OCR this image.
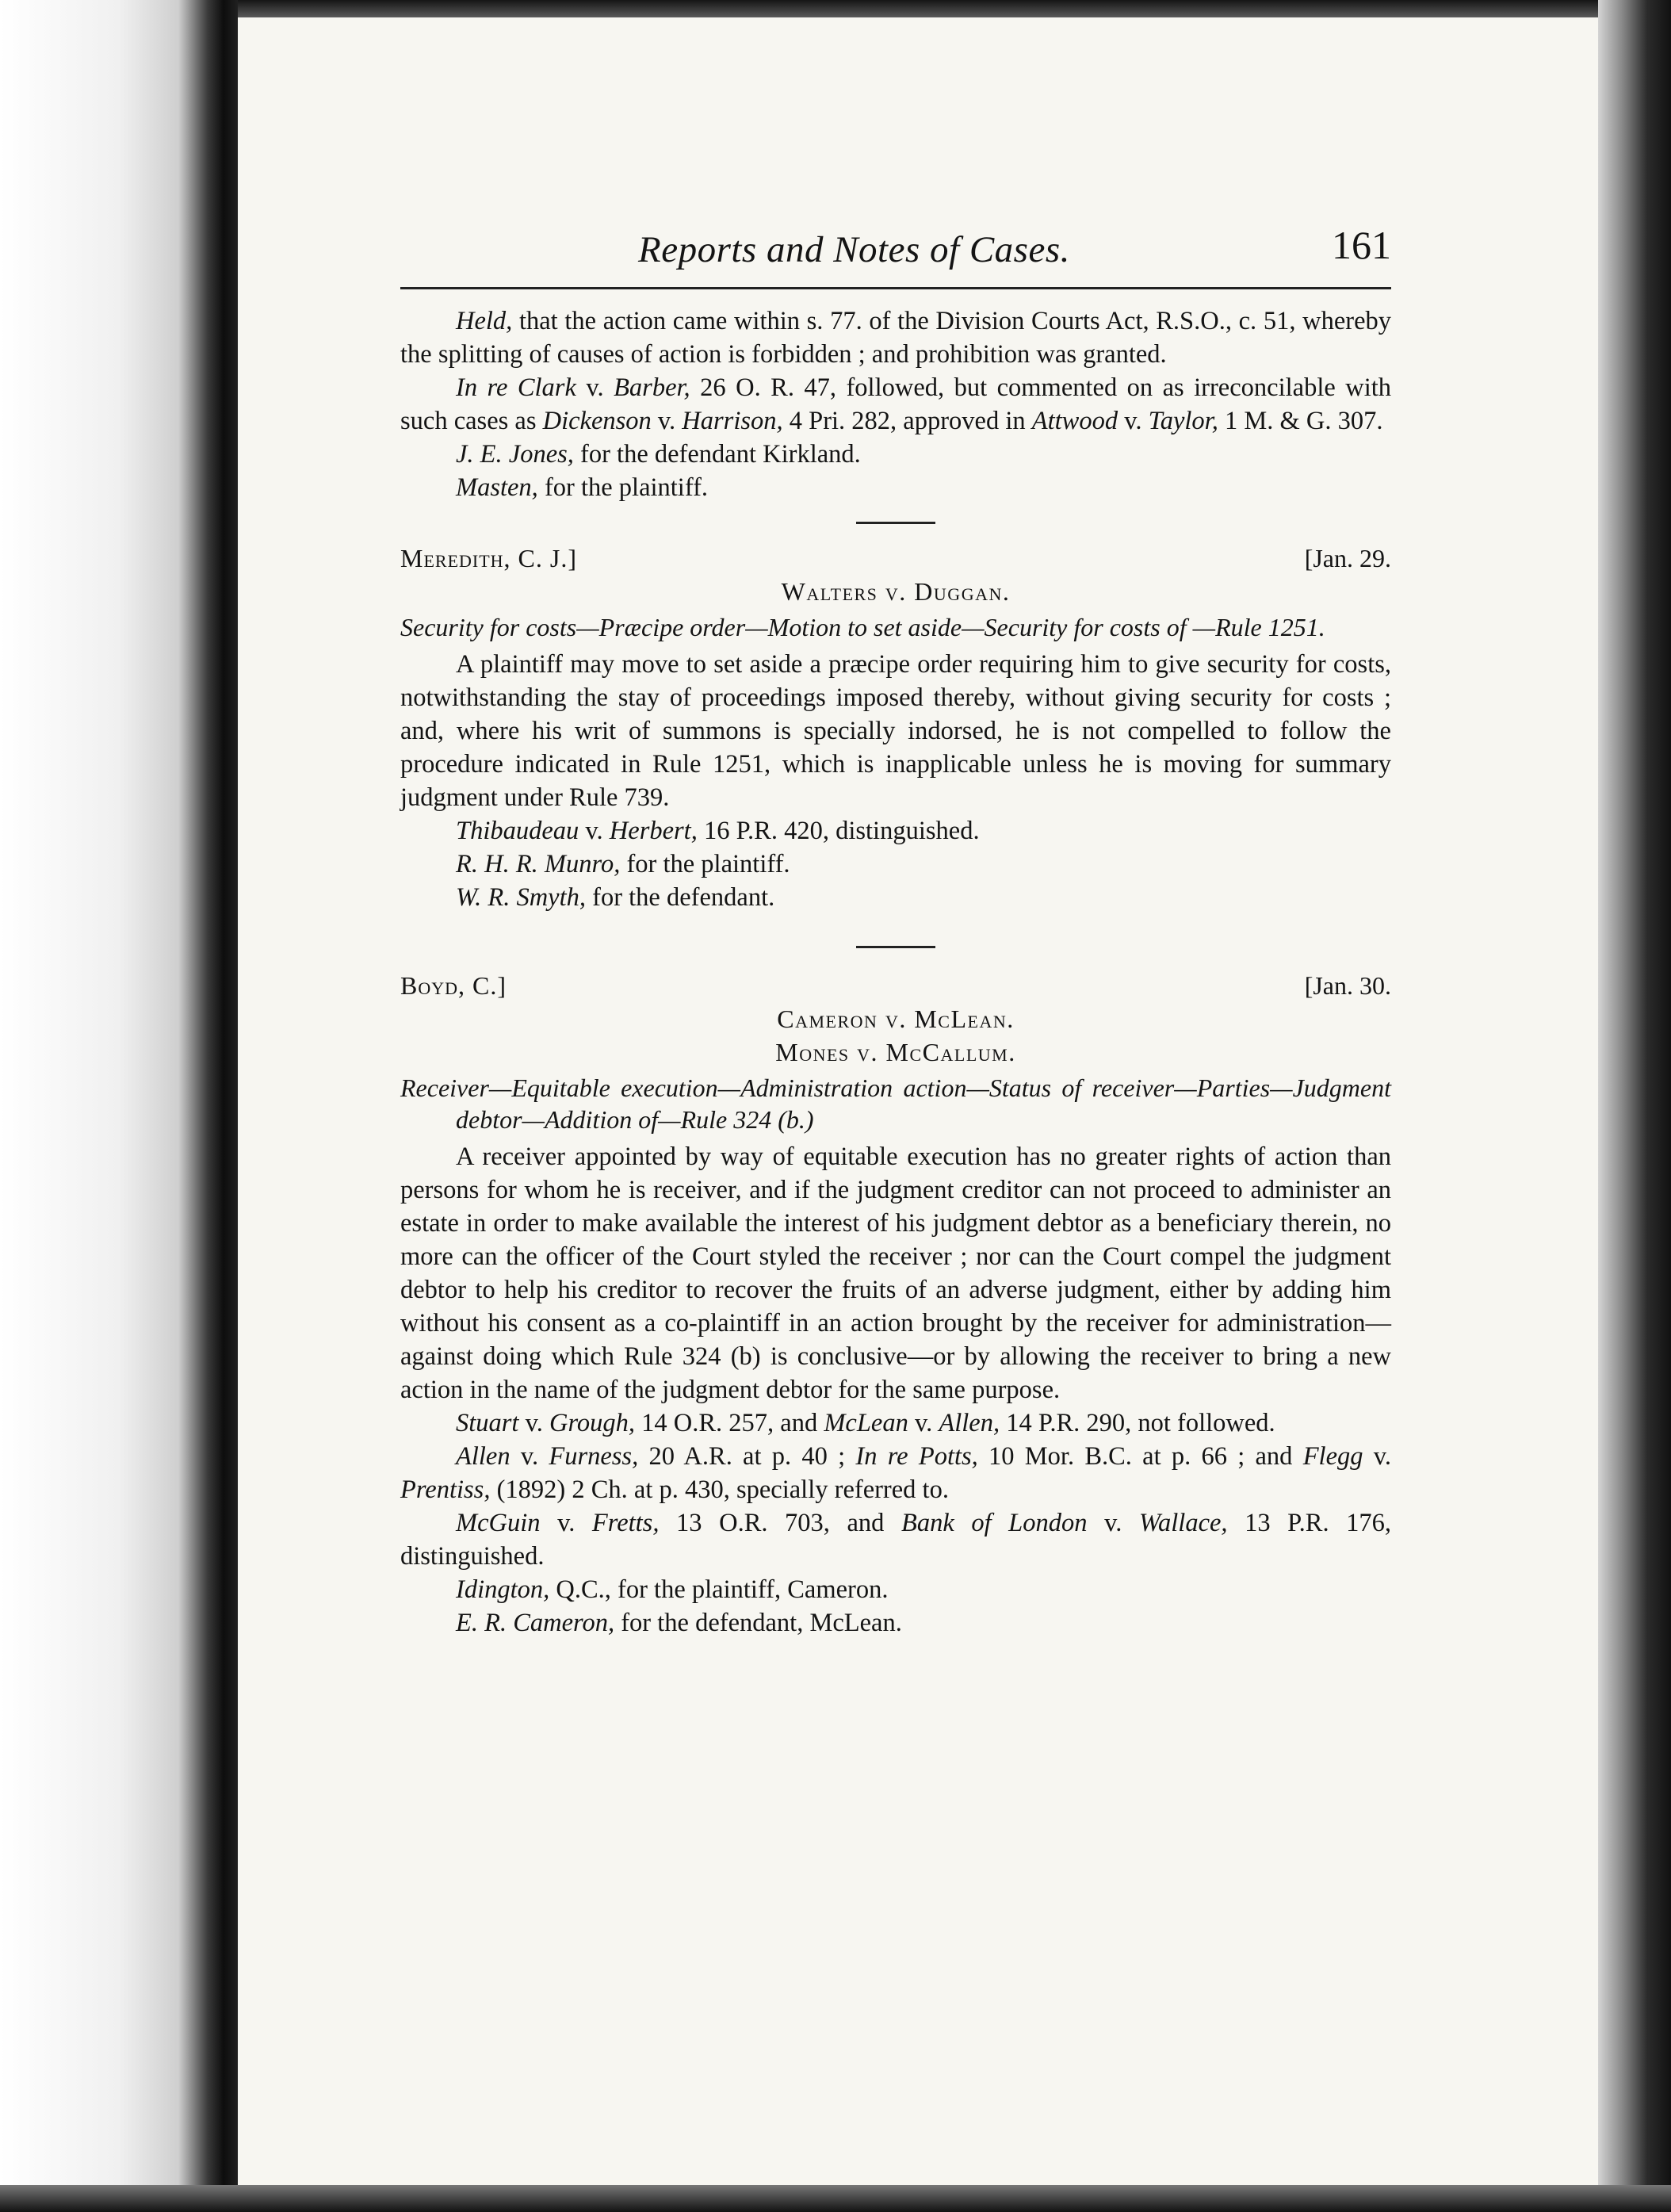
Reports and Notes of Cases.	161

Held, that the action came within s. 77. of the Division Courts Act, R.S.O., c. 51, whereby the splitting of causes of action is forbidden ; and prohibition was granted.

In re Clark v. Barber, 26 O. R. 47, followed, but commented on as irreconcilable with such cases as Dickenson v. Harrison, 4 Pri. 282, approved in Attwood v. Taylor, 1 M. & G. 307.

J. E. Jones, for the defendant Kirkland.

Masten, for the plaintiff.

Meredith, C. J.]	[Jan. 29.
Walters v. Duggan.
Security for costs—Præcipe order—Motion to set aside—Security for costs of —Rule 1251.

A plaintiff may move to set aside a præcipe order requiring him to give security for costs, notwithstanding the stay of proceedings imposed thereby, without giving security for costs ; and, where his writ of summons is specially indorsed, he is not compelled to follow the procedure indicated in Rule 1251, which is inapplicable unless he is moving for summary judgment under Rule 739.

Thibaudeau v. Herbert, 16 P.R. 420, distinguished.

R. H. R. Munro, for the plaintiff.

W. R. Smyth, for the defendant.

Boyd, C.]	[Jan. 30.
Cameron v. McLean.
Mones v. McCallum.
Receiver—Equitable execution—Administration action—Status of receiver—Parties—Judgment debtor—Addition of—Rule 324 (b.)

A receiver appointed by way of equitable execution has no greater rights of action than persons for whom he is receiver, and if the judgment creditor can not proceed to administer an estate in order to make available the interest of his judgment debtor as a beneficiary therein, no more can the officer of the Court styled the receiver ; nor can the Court compel the judgment debtor to help his creditor to recover the fruits of an adverse judgment, either by adding him without his consent as a co-plaintiff in an action brought by the receiver for administration—against doing which Rule 324 (b) is conclusive—or by allowing the receiver to bring a new action in the name of the judgment debtor for the same purpose.

Stuart v. Grough, 14 O.R. 257, and McLean v. Allen, 14 P.R. 290, not followed.

Allen v. Furness, 20 A.R. at p. 40 ; In re Potts, 10 Mor. B.C. at p. 66 ; and Flegg v. Prentiss, (1892) 2 Ch. at p. 430, specially referred to.

McGuin v. Fretts, 13 O.R. 703, and Bank of London v. Wallace, 13 P.R. 176, distinguished.

Idington, Q.C., for the plaintiff, Cameron.

E. R. Cameron, for the defendant, McLean.
